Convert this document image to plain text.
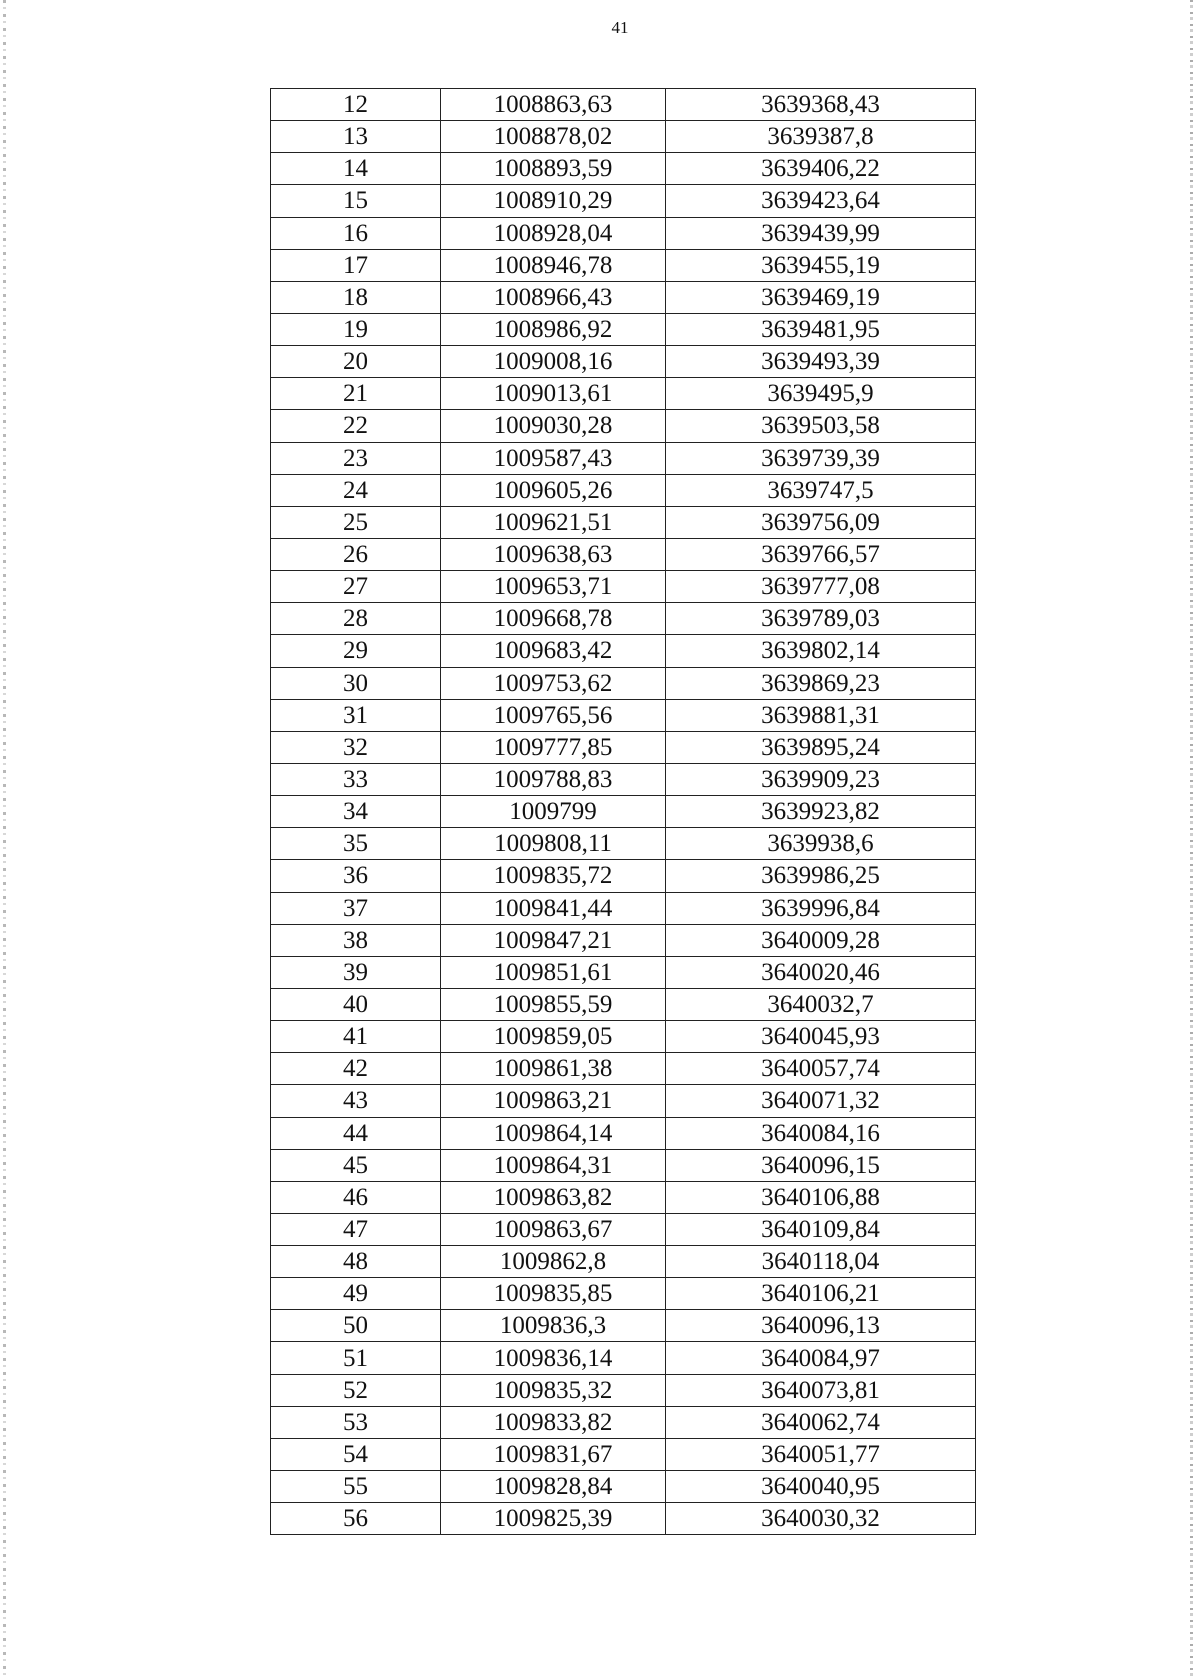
41
12	1008863,63	3639368,43
13	1008878,02	3639387,8
14	1008893,59	3639406,22
15	1008910,29	3639423,64
16	1008928,04	3639439,99
17	1008946,78	3639455,19
18	1008966,43	3639469,19
19	1008986,92	3639481,95
20	1009008,16	3639493,39
21	1009013,61	3639495,9
22	1009030,28	3639503,58
23	1009587,43	3639739,39
24	1009605,26	3639747,5
25	1009621,51	3639756,09
26	1009638,63	3639766,57
27	1009653,71	3639777,08
28	1009668,78	3639789,03
29	1009683,42	3639802,14
30	1009753,62	3639869,23
31	1009765,56	3639881,31
32	1009777,85	3639895,24
33	1009788,83	3639909,23
34	1009799	3639923,82
35	1009808,11	3639938,6
36	1009835,72	3639986,25
37	1009841,44	3639996,84
38	1009847,21	3640009,28
39	1009851,61	3640020,46
40	1009855,59	3640032,7
41	1009859,05	3640045,93
42	1009861,38	3640057,74
43	1009863,21	3640071,32
44	1009864,14	3640084,16
45	1009864,31	3640096,15
46	1009863,82	3640106,88
47	1009863,67	3640109,84
48	1009862,8	3640118,04
49	1009835,85	3640106,21
50	1009836,3	3640096,13
51	1009836,14	3640084,97
52	1009835,32	3640073,81
53	1009833,82	3640062,74
54	1009831,67	3640051,77
55	1009828,84	3640040,95
56	1009825,39	3640030,32
